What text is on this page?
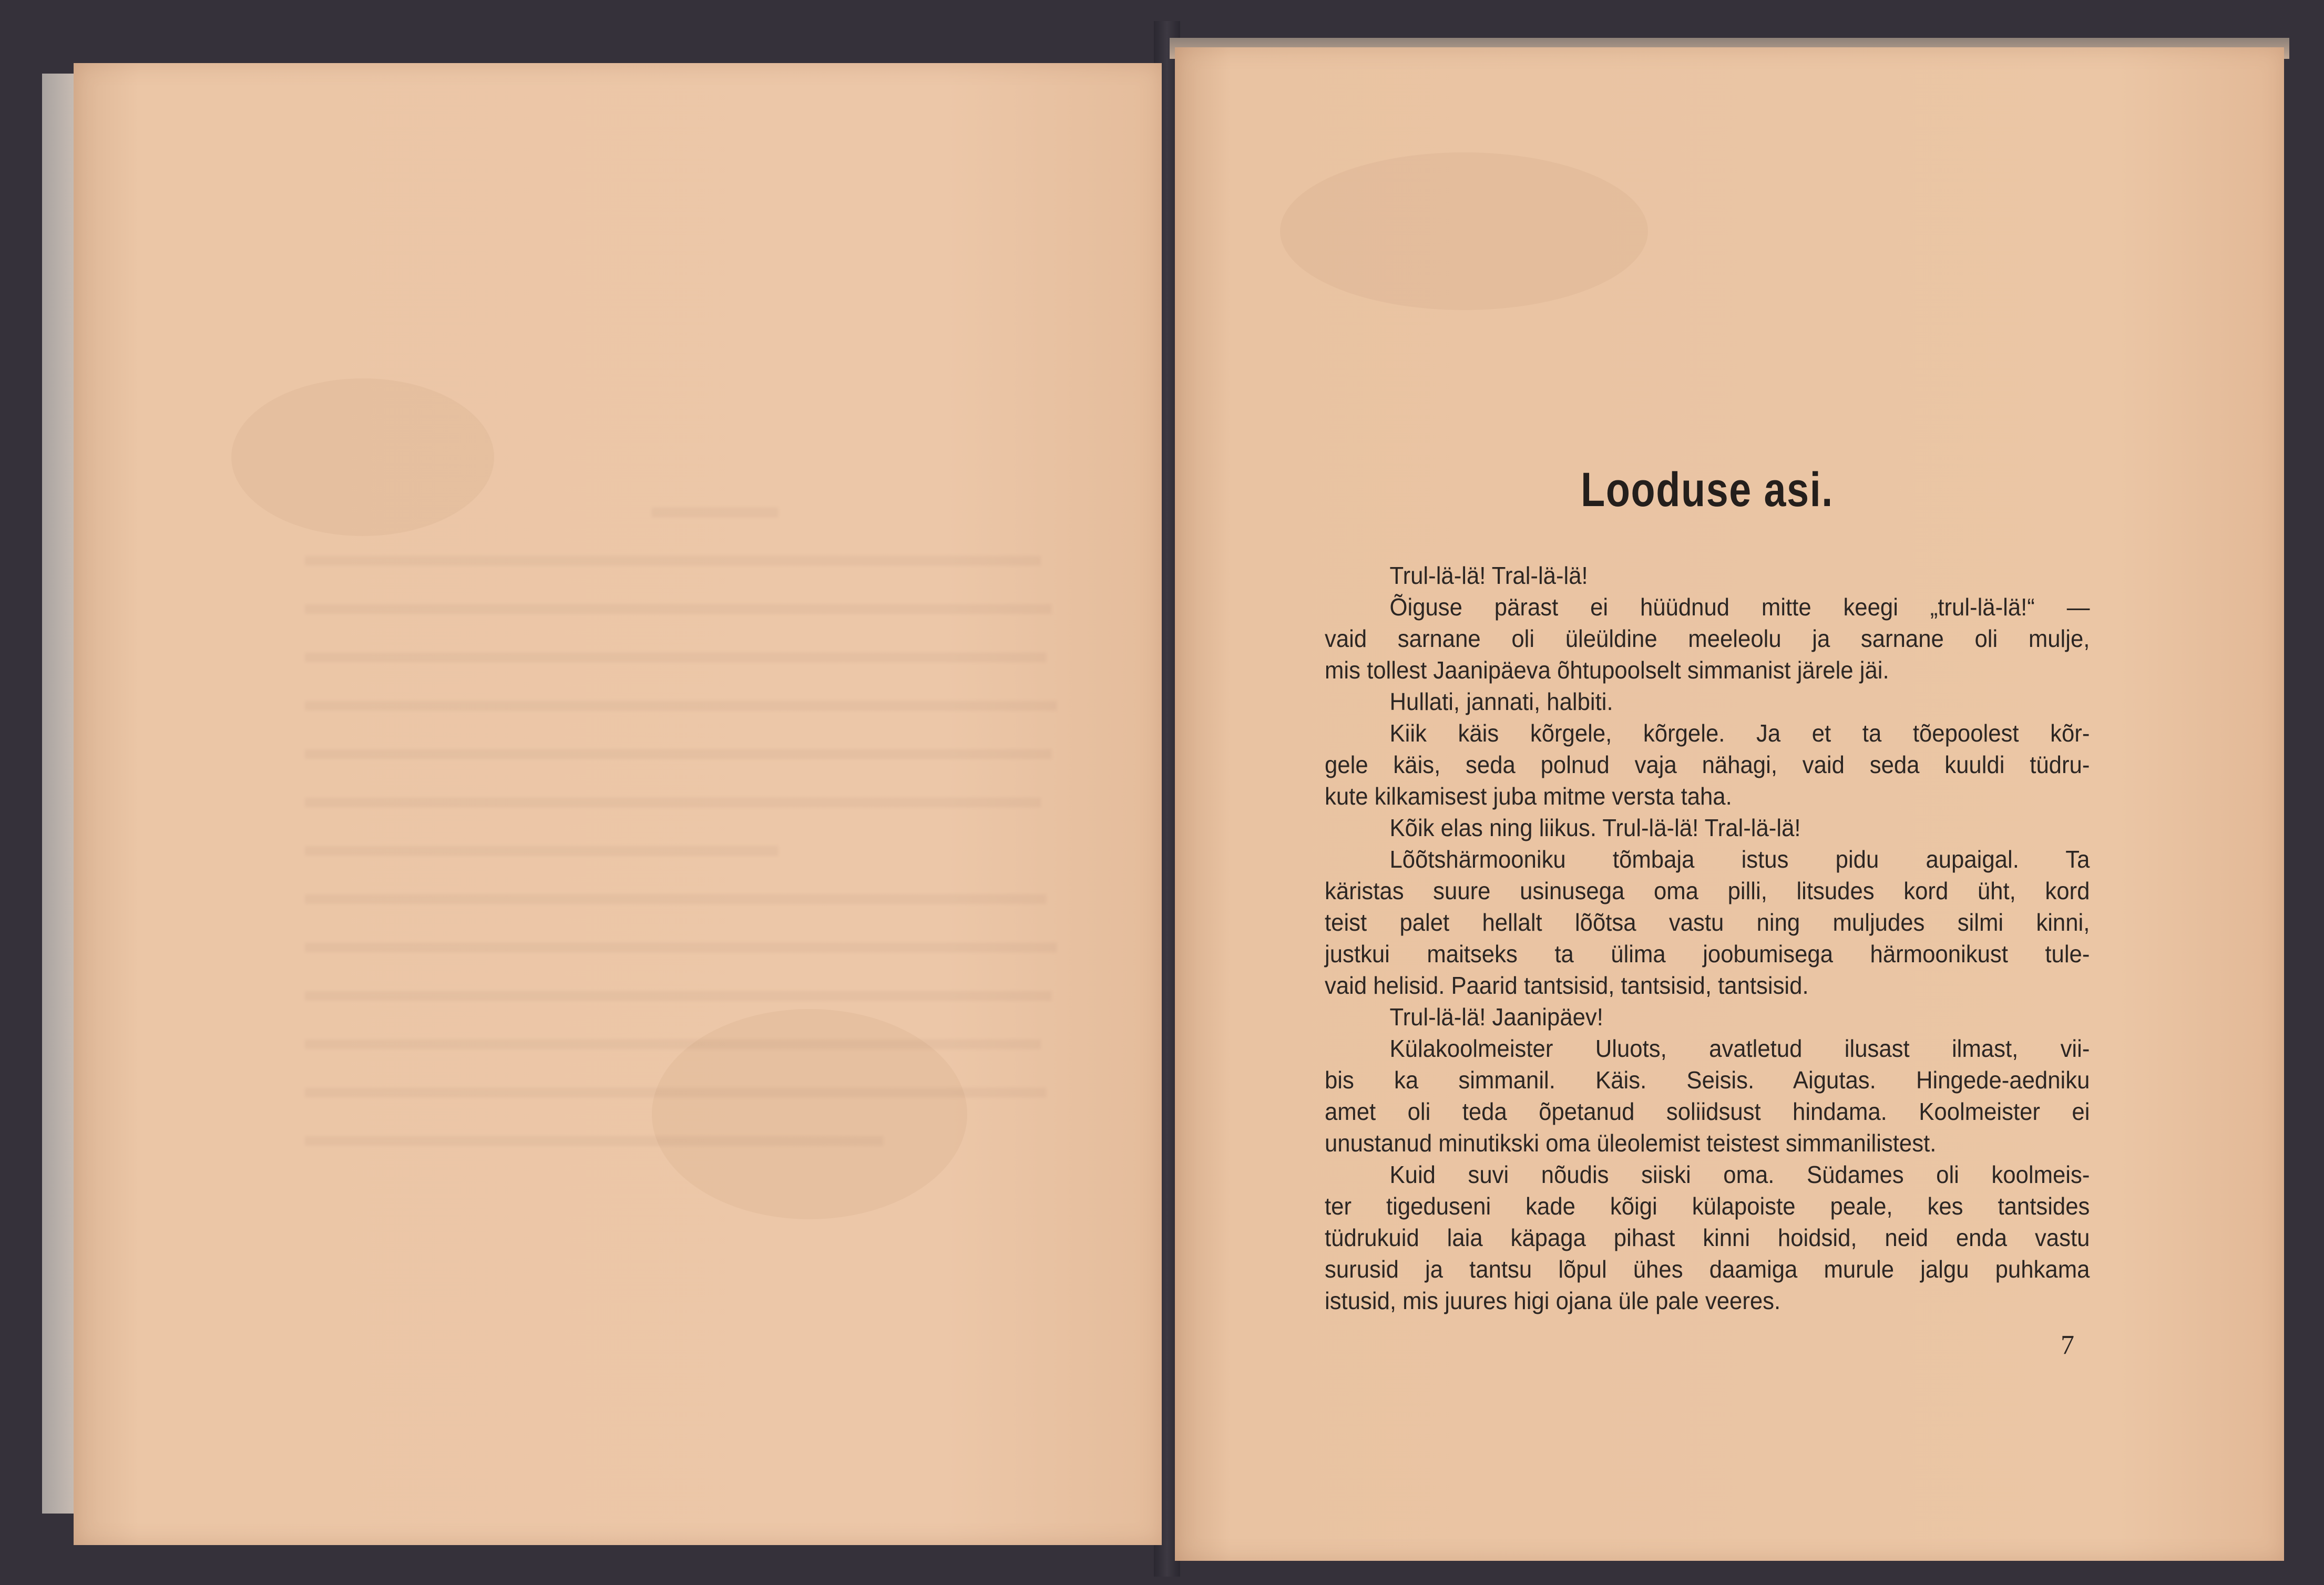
Looduse asi.
Trul-lä-lä! Tral-lä-lä!
Õiguse pärast ei hüüdnud mitte keegi „trul-lä-lä!“ —
vaid sarnane oli üleüldine meeleolu ja sarnane oli mulje,
mis tollest Jaanipäeva õhtupoolselt simmanist järele jäi.
Hullati, jannati, halbiti.
Kiik käis kõrgele, kõrgele. Ja et ta tõepoolest kõr-
gele käis, seda polnud vaja nähagi, vaid seda kuuldi tüdru-
kute kilkamisest juba mitme versta taha.
Kõik elas ning liikus. Trul-lä-lä! Tral-lä-lä!
Lõõtshärmooniku tõmbaja istus pidu aupaigal. Ta
käristas suure usinusega oma pilli, litsudes kord üht, kord
teist palet hellalt lõõtsa vastu ning muljudes silmi kinni,
justkui maitseks ta ülima joobumisega härmoonikust tule-
vaid helisid. Paarid tantsisid, tantsisid, tantsisid.
Trul-lä-lä! Jaanipäev!
Külakoolmeister Uluots, avatletud ilusast ilmast, vii-
bis ka simmanil. Käis. Seisis. Aigutas. Hingede-aedniku
amet oli teda õpetanud soliidsust hindama. Koolmeister ei
unustanud minutikski oma üleolemist teistest simmanilistest.
Kuid suvi nõudis siiski oma. Südames oli koolmeis-
ter tigeduseni kade kõigi külapoiste peale, kes tantsides
tüdrukuid laia käpaga pihast kinni hoidsid, neid enda vastu
surusid ja tantsu lõpul ühes daamiga murule jalgu puhkama
istusid, mis juures higi ojana üle pale veeres.
7
